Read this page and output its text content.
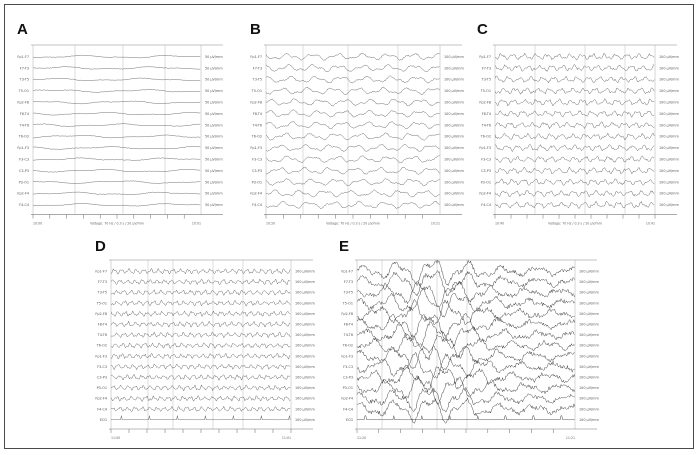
A
Fp1-F7	50 μV/mm
F7-T3	50 μV/mm
T3-T5	50 μV/mm
T5-O1	50 μV/mm
Fp2-F8	50 μV/mm
F8-T4	50 μV/mm
T4-T6	50 μV/mm
T6-O2	50 μV/mm
Fp1-F3	50 μV/mm
F3-C3	50 μV/mm
C3-P3	50 μV/mm
P3-O1	50 μV/mm
Fp2-F4	50 μV/mm
F4-C4	50 μV/mm
10:00	Voltage: 70 Hz / 0.3 s / 20 μV/mm	10:01
B
Fp1-F7	100 μV/mm
F7-T3	100 μV/mm
T3-T5	100 μV/mm
T5-O1	100 μV/mm
Fp2-F8	100 μV/mm
F8-T4	100 μV/mm
T4-T6	100 μV/mm
T6-O2	100 μV/mm
Fp1-F3	100 μV/mm
F3-C3	100 μV/mm
C3-P3	100 μV/mm
P3-O1	100 μV/mm
Fp2-F4	100 μV/mm
F4-C4	100 μV/mm
10:20	Voltage: 70 Hz / 0.3 s / 20 μV/mm	10:21
C
Fp1-F7	100 μV/mm
F7-T3	100 μV/mm
T3-T5	100 μV/mm
T5-O1	100 μV/mm
Fp2-F8	100 μV/mm
F8-T4	100 μV/mm
T4-T6	100 μV/mm
T6-O2	100 μV/mm
Fp1-F3	100 μV/mm
F3-C3	100 μV/mm
C3-P3	100 μV/mm
P3-O1	100 μV/mm
Fp2-F4	100 μV/mm
F4-C4	100 μV/mm
10:40	Voltage: 70 Hz / 0.3 s / 20 μV/mm	10:41
D
Fp1-F7	100 μV/mm
F7-T3	100 μV/mm
T3-T5	100 μV/mm
T5-O1	100 μV/mm
Fp2-F8	100 μV/mm
F8-T4	100 μV/mm
T4-T6	100 μV/mm
T6-O2	100 μV/mm
Fp1-F3	100 μV/mm
F3-C3	100 μV/mm
C3-P3	100 μV/mm
P3-O1	100 μV/mm
Fp2-F4	100 μV/mm
F4-C4	100 μV/mm
ECG	100 μV/mm
11:00	11:01
E
Fp1-F7	100 μV/mm
F7-T3	100 μV/mm
T3-T5	100 μV/mm
T5-O1	100 μV/mm
Fp2-F8	100 μV/mm
F8-T4	100 μV/mm
T4-T6	100 μV/mm
T6-O2	100 μV/mm
Fp1-F3	100 μV/mm
F3-C3	100 μV/mm
C3-P3	100 μV/mm
P3-O1	100 μV/mm
Fp2-F4	100 μV/mm
F4-C4	100 μV/mm
ECG	100 μV/mm
11:20	11:21
